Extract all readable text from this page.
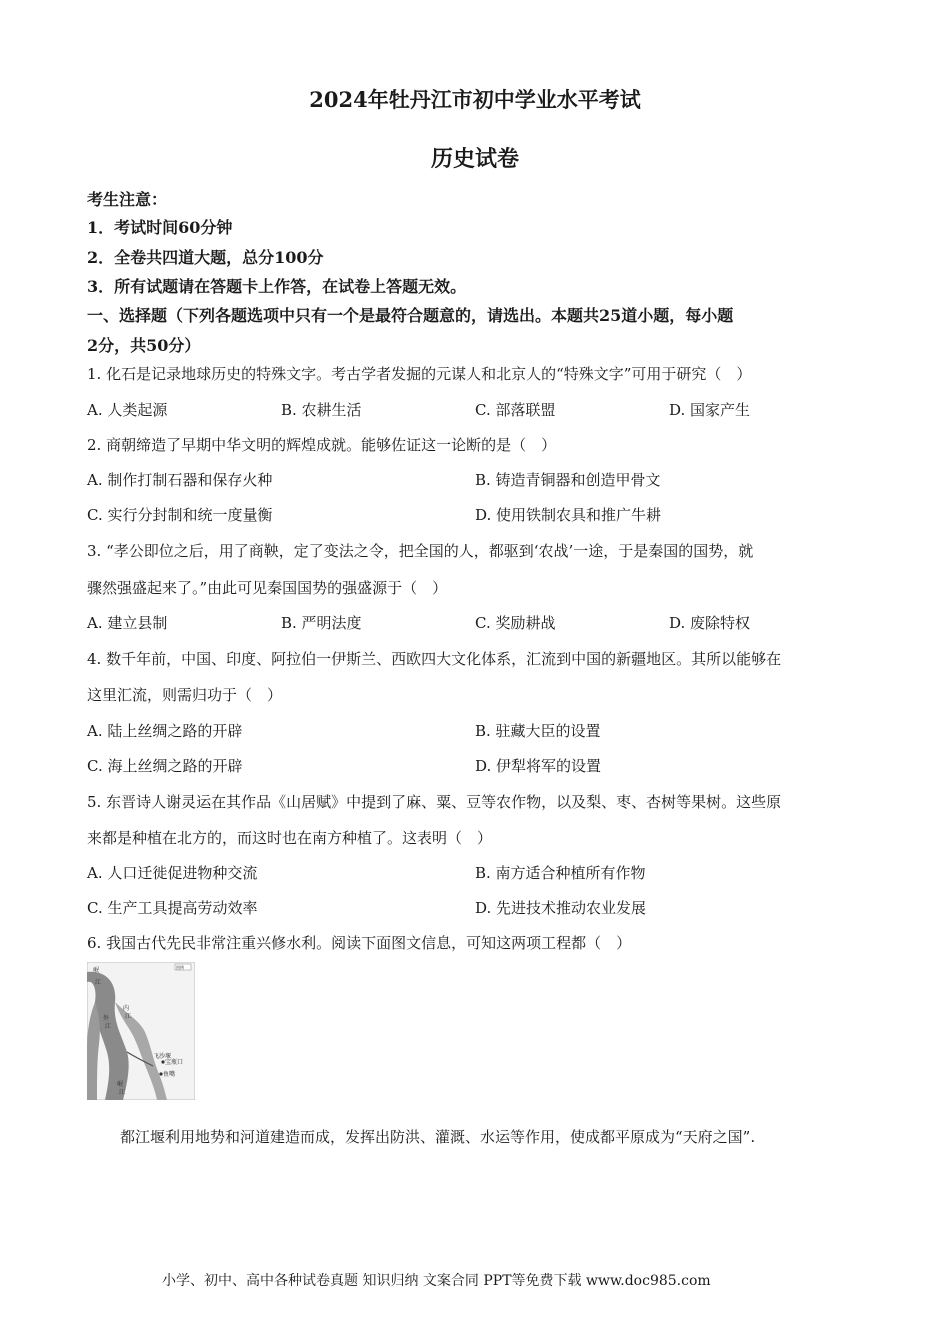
2024年牡丹江市初中学业水平考试
历史试卷
考生注意：
1．考试时间60分钟
2．全卷共四道大题，总分100分
3．所有试题请在答题卡上作答，在试卷上答题无效。
一、选择题（下列各题选项中只有一个是最符合题意的，请选出。本题共25道小题，每小题
2分，共50分）
1. 化石是记录地球历史的特殊文字。考古学者发掘的元谋人和北京人的“特殊文字”可用于研究（　）
A. 人类起源	B. 农耕生活	C. 部落联盟	D. 国家产生
2. 商朝缔造了早期中华文明的辉煌成就。能够佐证这一论断的是（　）
A. 制作打制石器和保存火种	B. 铸造青铜器和创造甲骨文
C. 实行分封制和统一度量衡	D. 使用铁制农具和推广牛耕
3. “孝公即位之后，用了商鞅，定了变法之令，把全国的人，都驱到‘农战’一途，于是秦国的国势，就
骤然强盛起来了。”由此可见秦国国势的强盛源于（　）
A. 建立县制	B. 严明法度	C. 奖励耕战	D. 废除特权
4. 数千年前，中国、印度、阿拉伯一伊斯兰、西欧四大文化体系，汇流到中国的新疆地区。其所以能够在
这里汇流，则需归功于（　）
A. 陆上丝绸之路的开辟	B. 驻藏大臣的设置
C. 海上丝绸之路的开辟	D. 伊犁将军的设置
5. 东晋诗人谢灵运在其作品《山居赋》中提到了麻、粟、豆等农作物，以及梨、枣、杏树等果树。这些原
来都是种植在北方的，而这时也在南方种植了。这表明（　）
A. 人口迁徙促进物种交流	B. 南方适合种植所有作物
C. 生产工具提高劳动效率	D. 先进技术推动农业发展
6. 我国古代先民非常注重兴修水利。阅读下面图文信息，可知这两项工程都（　）
岷
江
内
江
外
江
宝瓶口
飞沙堰
鱼嘴
岷
江
图例
都江堰利用地势和河道建造而成，发挥出防洪、灌溉、水运等作用，使成都平原成为“天府之国”.
小学、初中、高中各种试卷真题 知识归纳 文案合同 PPT等免费下载 www.doc985.com
